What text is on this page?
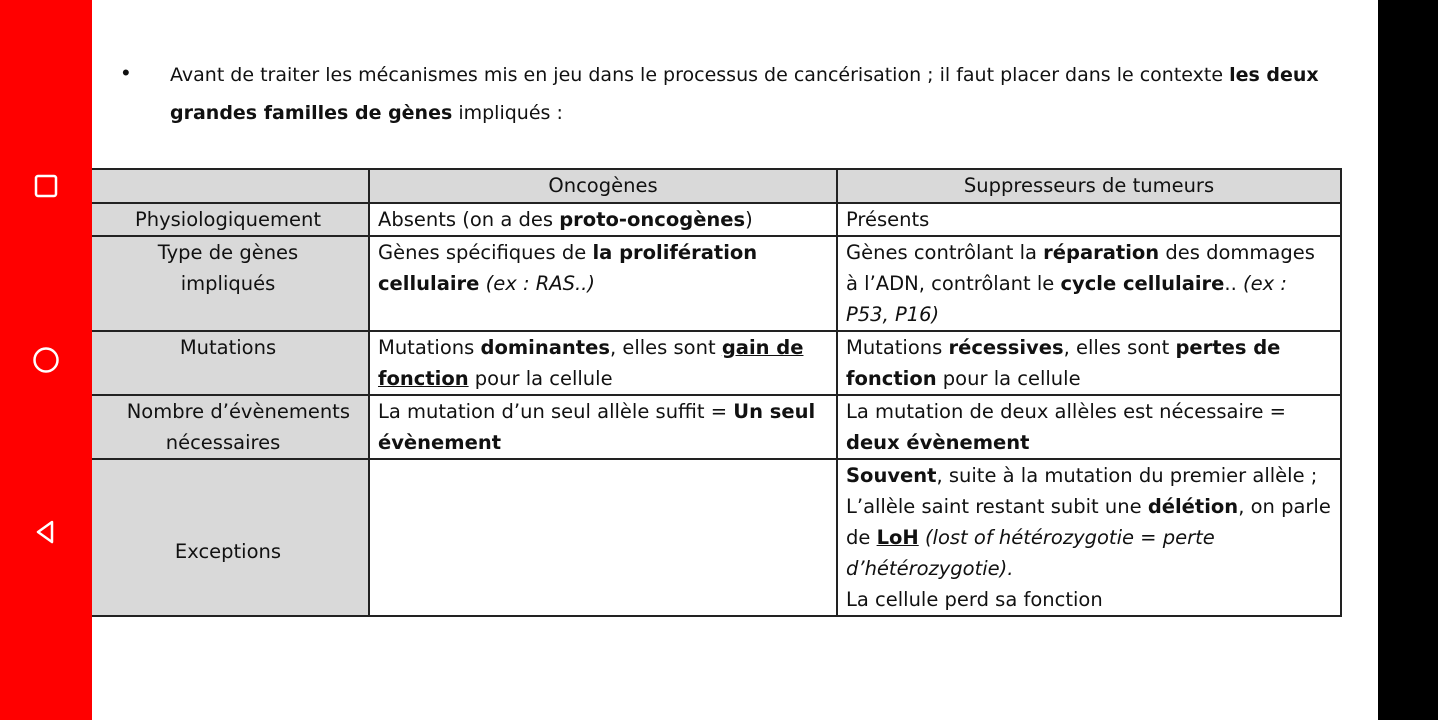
• Avant de traiter les mécanismes mis en jeu dans le processus de cancérisation ; il faut placer dans le contexte les deux grandes familles de gènes impliqués :
	Oncogènes	Suppresseurs de tumeurs
Physiologiquement	Absents (on a des proto-oncogènes)	Présents

Type de gènes
impliqués	Gènes spécifiques de la prolifération cellulaire (ex : RAS..)	Gènes contrôlant la réparation des dommages à l’ADN, contrôlant le cycle cellulaire.. (ex : P53, P16)
Mutations	Mutations dominantes, elles sont gain de fonction pour la cellule	Mutations récessives, elles sont pertes de fonction pour la cellule

Nombre d’évènements
nécessaires	La mutation d’un seul allèle suffit = Un seul évènement	La mutation de deux allèles est nécessaire = deux évènement
Exceptions		Souvent, suite à la mutation du premier allèle ; L’allèle saint restant subit une délétion, on parle de LoH (lost of hétérozygotie = perte d’hétérozygotie).
La cellule perd sa fonction
